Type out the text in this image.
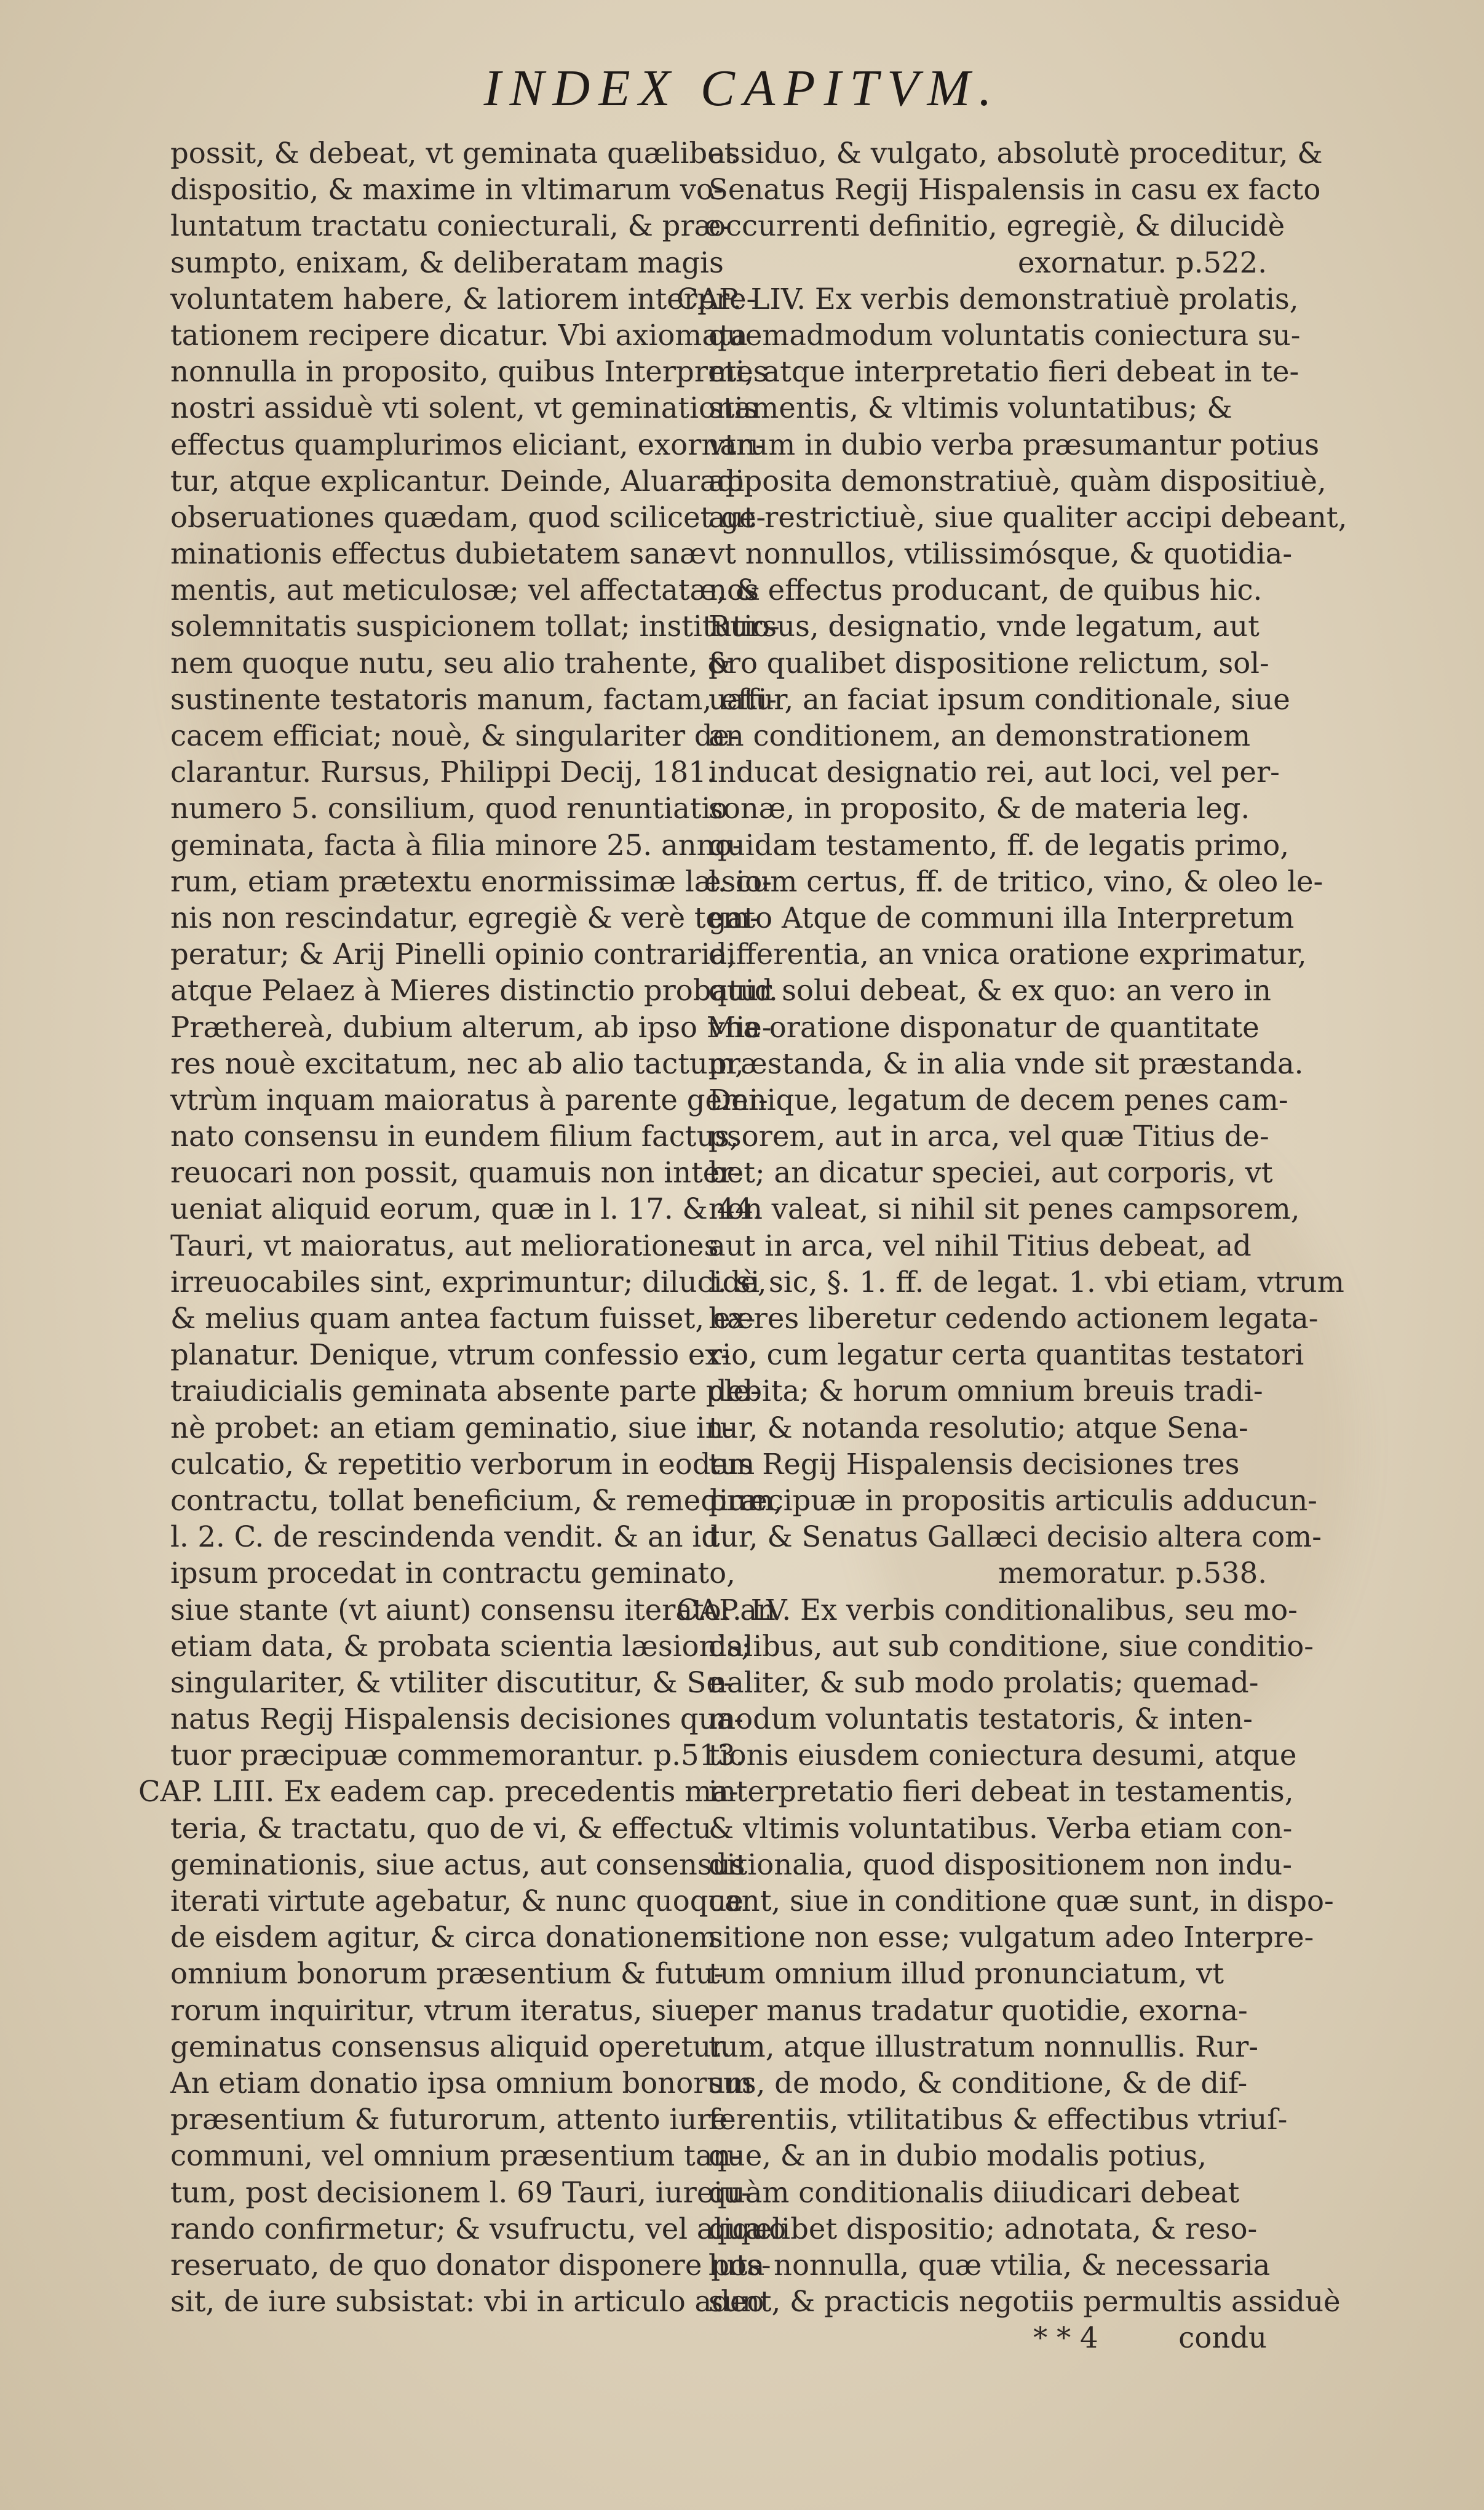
INDEX CAPITVM.
possit, & debeat, vt geminata quælibet
dispositio, & maxime in vltimarum vo-
luntatum tractatu coniecturali, & præ-
sumpto, enixam, & deliberatam magis
voluntatem habere, & latiorem interpre-
tationem recipere dicatur. Vbi axiomata
nonnulla in proposito, quibus Interpretes
nostri assiduè vti solent, vt geminationis
effectus quamplurimos eliciant, exornan-
tur, atque explicantur. Deinde, Aluaradi
obseruationes quædam, quod scilicet ge-
minationis effectus dubietatem sanæ
mentis, aut meticulosæ; vel affectatæ, &
solemnitatis suspicionem tollat; institutio-
nem quoque nutu, seu alio trahente, &
sustinente testatoris manum, factam, effi-
cacem efficiat; nouè, & singulariter de-
clarantur. Rursus, Philippi Decij, 181.
numero 5. consilium, quod renuntiatio
geminata, facta à filia minore 25. anno-
rum, etiam prætextu enormissimæ læsio-
nis non rescindatur, egregiè & verè tem-
peratur; & Arij Pinelli opinio contraria,
atque Pelaez à Mieres distinctio probatur.
Præthereà, dubium alterum, ab ipso Mie-
res nouè excitatum, nec ab alio tactum,
vtrùm inquam maioratus à parente gemi-
nato consensu in eundem filium factus,
reuocari non possit, quamuis non inter-
ueniat aliquid eorum, quæ in l. 17. & 44.
Tauri, vt maioratus, aut meliorationes
irreuocabiles sint, exprimuntur; dilucidè,
& melius quam antea factum fuisset, ex-
planatur. Denique, vtrum confessio ex-
traiudicialis geminata absente parte ple-
nè probet: an etiam geminatio, siue in-
culcatio, & repetitio verborum in eodem
contractu, tollat beneficium, & remedium,
l. 2. C. de rescindenda vendit. & an id
ipsum procedat in contractu geminato,
siue stante (vt aiunt) consensu iterato: an
etiam data, & probata scientia læsionis;
singulariter, & vtiliter discutitur, & Se-
natus Regij Hispalensis decisiones qua-
tuor præcipuæ commemorantur. p.513.
CAP. LIII. Ex eadem cap. precedentis ma-
teria, & tractatu, quo de vi, & effectu
geminationis, siue actus, aut consensus
iterati virtute agebatur, & nunc quoque
de eisdem agitur, & circa donationem
omnium bonorum præsentium & futu-
rorum inquiritur, vtrum iteratus, siue
geminatus consensus aliquid operetur.
An etiam donatio ipsa omnium bonorum
præsentium & futurorum, attento iure
communi, vel omnium præsentium tan-
tum, post decisionem l. 69 Tauri, iureiu-
rando confirmetur; & vsufructu, vel aliquo
reseruato, de quo donator disponere pos-
sit, de iure subsistat: vbi in articulo adeo
assiduo, & vulgato, absolutè proceditur, &
Senatus Regij Hispalensis in casu ex facto
occurrenti definitio, egregiè, & dilucidè
exornatur. p.522.
CAP. LIV. Ex verbis demonstratiuè prolatis,
quemadmodum voluntatis coniectura su-
mi, atque interpretatio fieri debeat in te-
stamentis, & vltimis voluntatibus; &
vtrum in dubio verba præsumantur potius
apposita demonstratiuè, quàm dispositiuè,
aut restrictiuè, siue qualiter accipi debeant,
vt nonnullos, vtilissimósque, & quotidia-
nos effectus producant, de quibus hic.
Rursus, designatio, vnde legatum, aut
pro qualibet dispositione relictum, sol-
uatur, an faciat ipsum conditionale, siue
an conditionem, an demonstrationem
inducat designatio rei, aut loci, vel per-
sonæ, in proposito, & de materia leg.
quidam testamento, ff. de legatis primo,
l. cum certus, ff. de tritico, vino, & oleo le-
gato Atque de communi illa Interpretum
differentia, an vnica oratione exprimatur,
quid solui debeat, & ex quo: an vero in
vna oratione disponatur de quantitate
præstanda, & in alia vnde sit præstanda.
Denique, legatum de decem penes cam-
psorem, aut in arca, vel quæ Titius de-
bet; an dicatur speciei, aut corporis, vt
non valeat, si nihil sit penes campsorem,
aut in arca, vel nihil Titius debeat, ad
l. si sic, §. 1. ff. de legat. 1. vbi etiam, vtrum
hæres liberetur cedendo actionem legata-
rio, cum legatur certa quantitas testatori
debita; & horum omnium breuis tradi-
tur, & notanda resolutio; atque Sena-
tus Regij Hispalensis decisiones tres
præcipuæ in propositis articulis adducun-
tur, & Senatus Gallæci decisio altera com-
memoratur. p.538.
CAP. LV. Ex verbis conditionalibus, seu mo-
dalibus, aut sub conditione, siue conditio-
naliter, & sub modo prolatis; quemad-
modum voluntatis testatoris, & inten-
tionis eiusdem coniectura desumi, atque
interpretatio fieri debeat in testamentis,
& vltimis voluntatibus. Verba etiam con-
ditionalia, quod dispositionem non indu-
cant, siue in conditione quæ sunt, in dispo-
sitione non esse; vulgatum adeo Interpre-
tum omnium illud pronunciatum, vt
per manus tradatur quotidie, exorna-
tum, atque illustratum nonnullis. Rur-
sus, de modo, & conditione, & de dif-
ferentiis, vtilitatibus & effectibus vtriuſ-
que, & an in dubio modalis potius,
quàm conditionalis diiudicari debeat
quælibet dispositio; adnotata, & reso-
luta nonnulla, quæ vtilia, & necessaria
sunt, & practicis negotiis permultis assiduè
* * 4	condu
